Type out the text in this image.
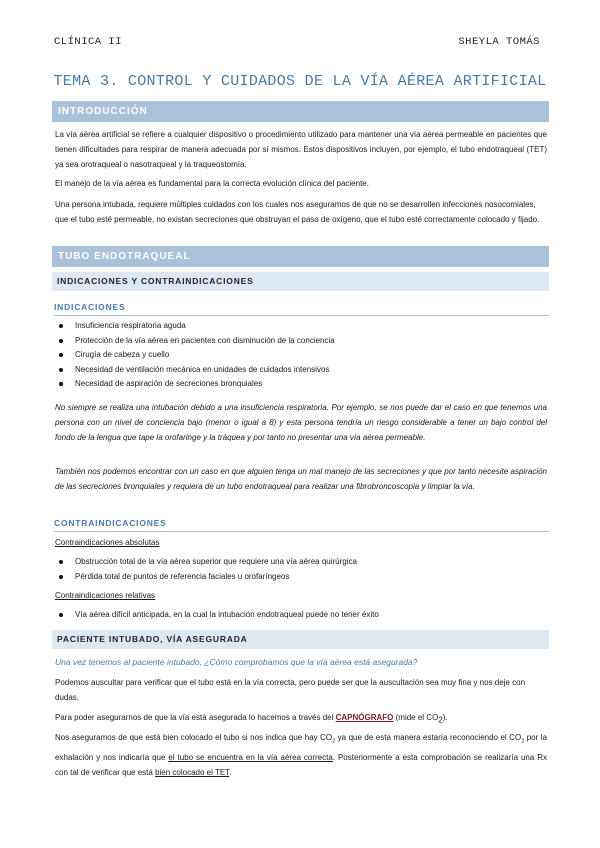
CLÍNICA II	SHEYLA TOMÁS
TEMA 3. CONTROL Y CUIDADOS DE LA VÍA AÉREA ARTIFICIAL
INTRODUCCIÓN

La vía aérea artificial se refiere a cualquier dispositivo o procedimiento utilizado para mantener una vía aérea permeable en pacientes que tienen dificultades para respirar de manera adecuada por sí mismos. Estos dispositivos incluyen, por ejemplo, el tubo endotraqueal (TET) ya sea orotraqueal o nasotraqueal y la traqueostomía.

El manejo de la vía aérea es fundamental para la correcta evolución clínica del paciente.

Una persona intubada, requiere múltiples cuidados con los cuales nos aseguramos de que no se desarrollen infecciones nosocomiales, que el tubo esté permeable, no existan secreciones que obstruyan el paso de oxígeno, que el tubo esté correctamente colocado y fijado.

TUBO ENDOTRAQUEAL
INDICACIONES Y CONTRAINDICACIONES
INDICACIONES
Insuficiencia respiratoria aguda
Protección de la vía aérea en pacientes con disminución de la conciencia
Cirugía de cabeza y cuello
Necesidad de ventilación mecánica en unidades de cuidados intensivos
Necesidad de aspiración de secreciones bronquiales

No siempre se realiza una intubación debido a una insuficiencia respiratoria. Por ejemplo, se nos puede dar el caso en que tenemos una persona con un nivel de conciencia bajo (menor o igual a 8) y esta persona tendría un riesgo considerable a tener un bajo control del fondo de la lengua que tape la orofaringe y la tráquea y por tanto no presentar una vía aérea permeable.

También nos podemos encontrar con un caso en que alguien tenga un mal manejo de las secreciones y que por tanto necesite aspiración de las secreciones bronquiales y requiera de un tubo endotraqueal para realizar una fibrobroncoscopia y limpiar la vía.

CONTRAINDICACIONES
Contraindicaciones absolutas
Obstrucción total de la vía aérea superior que requiere una vía aérea quirúrgica
Pérdida total de puntos de referencia faciales u orofaríngeos
Contraindicaciones relativas
Vía aérea difícil anticipada, en la cual la intubación endotraqueal puede no tener éxito
PACIENTE INTUBADO, VÍA ASEGURADA

Una vez tenemos al paciente intubado, ¿Cómo comprobamos que la vía aérea está asegurada?

Podemos auscultar para verificar que el tubo está en la vía correcta, pero puede ser que la auscultación sea muy fina y nos deje con dudas.

Para poder asegurarnos de que la vía está asegurada lo hacemos a través del CAPNÓGRAFO (mide el $CO_2$).

Nos aseguramos de que está bien colocado el tubo si nos indica que hay $CO_2$ ya que de esta manera estaría reconociendo el $CO_2$ por la exhalación y nos indicaría que el tubo se encuentra en la vía aérea correcta. Posteriormente a esta comprobación se realizaría una Rx con tal de verificar que está bien colocado el TET.
